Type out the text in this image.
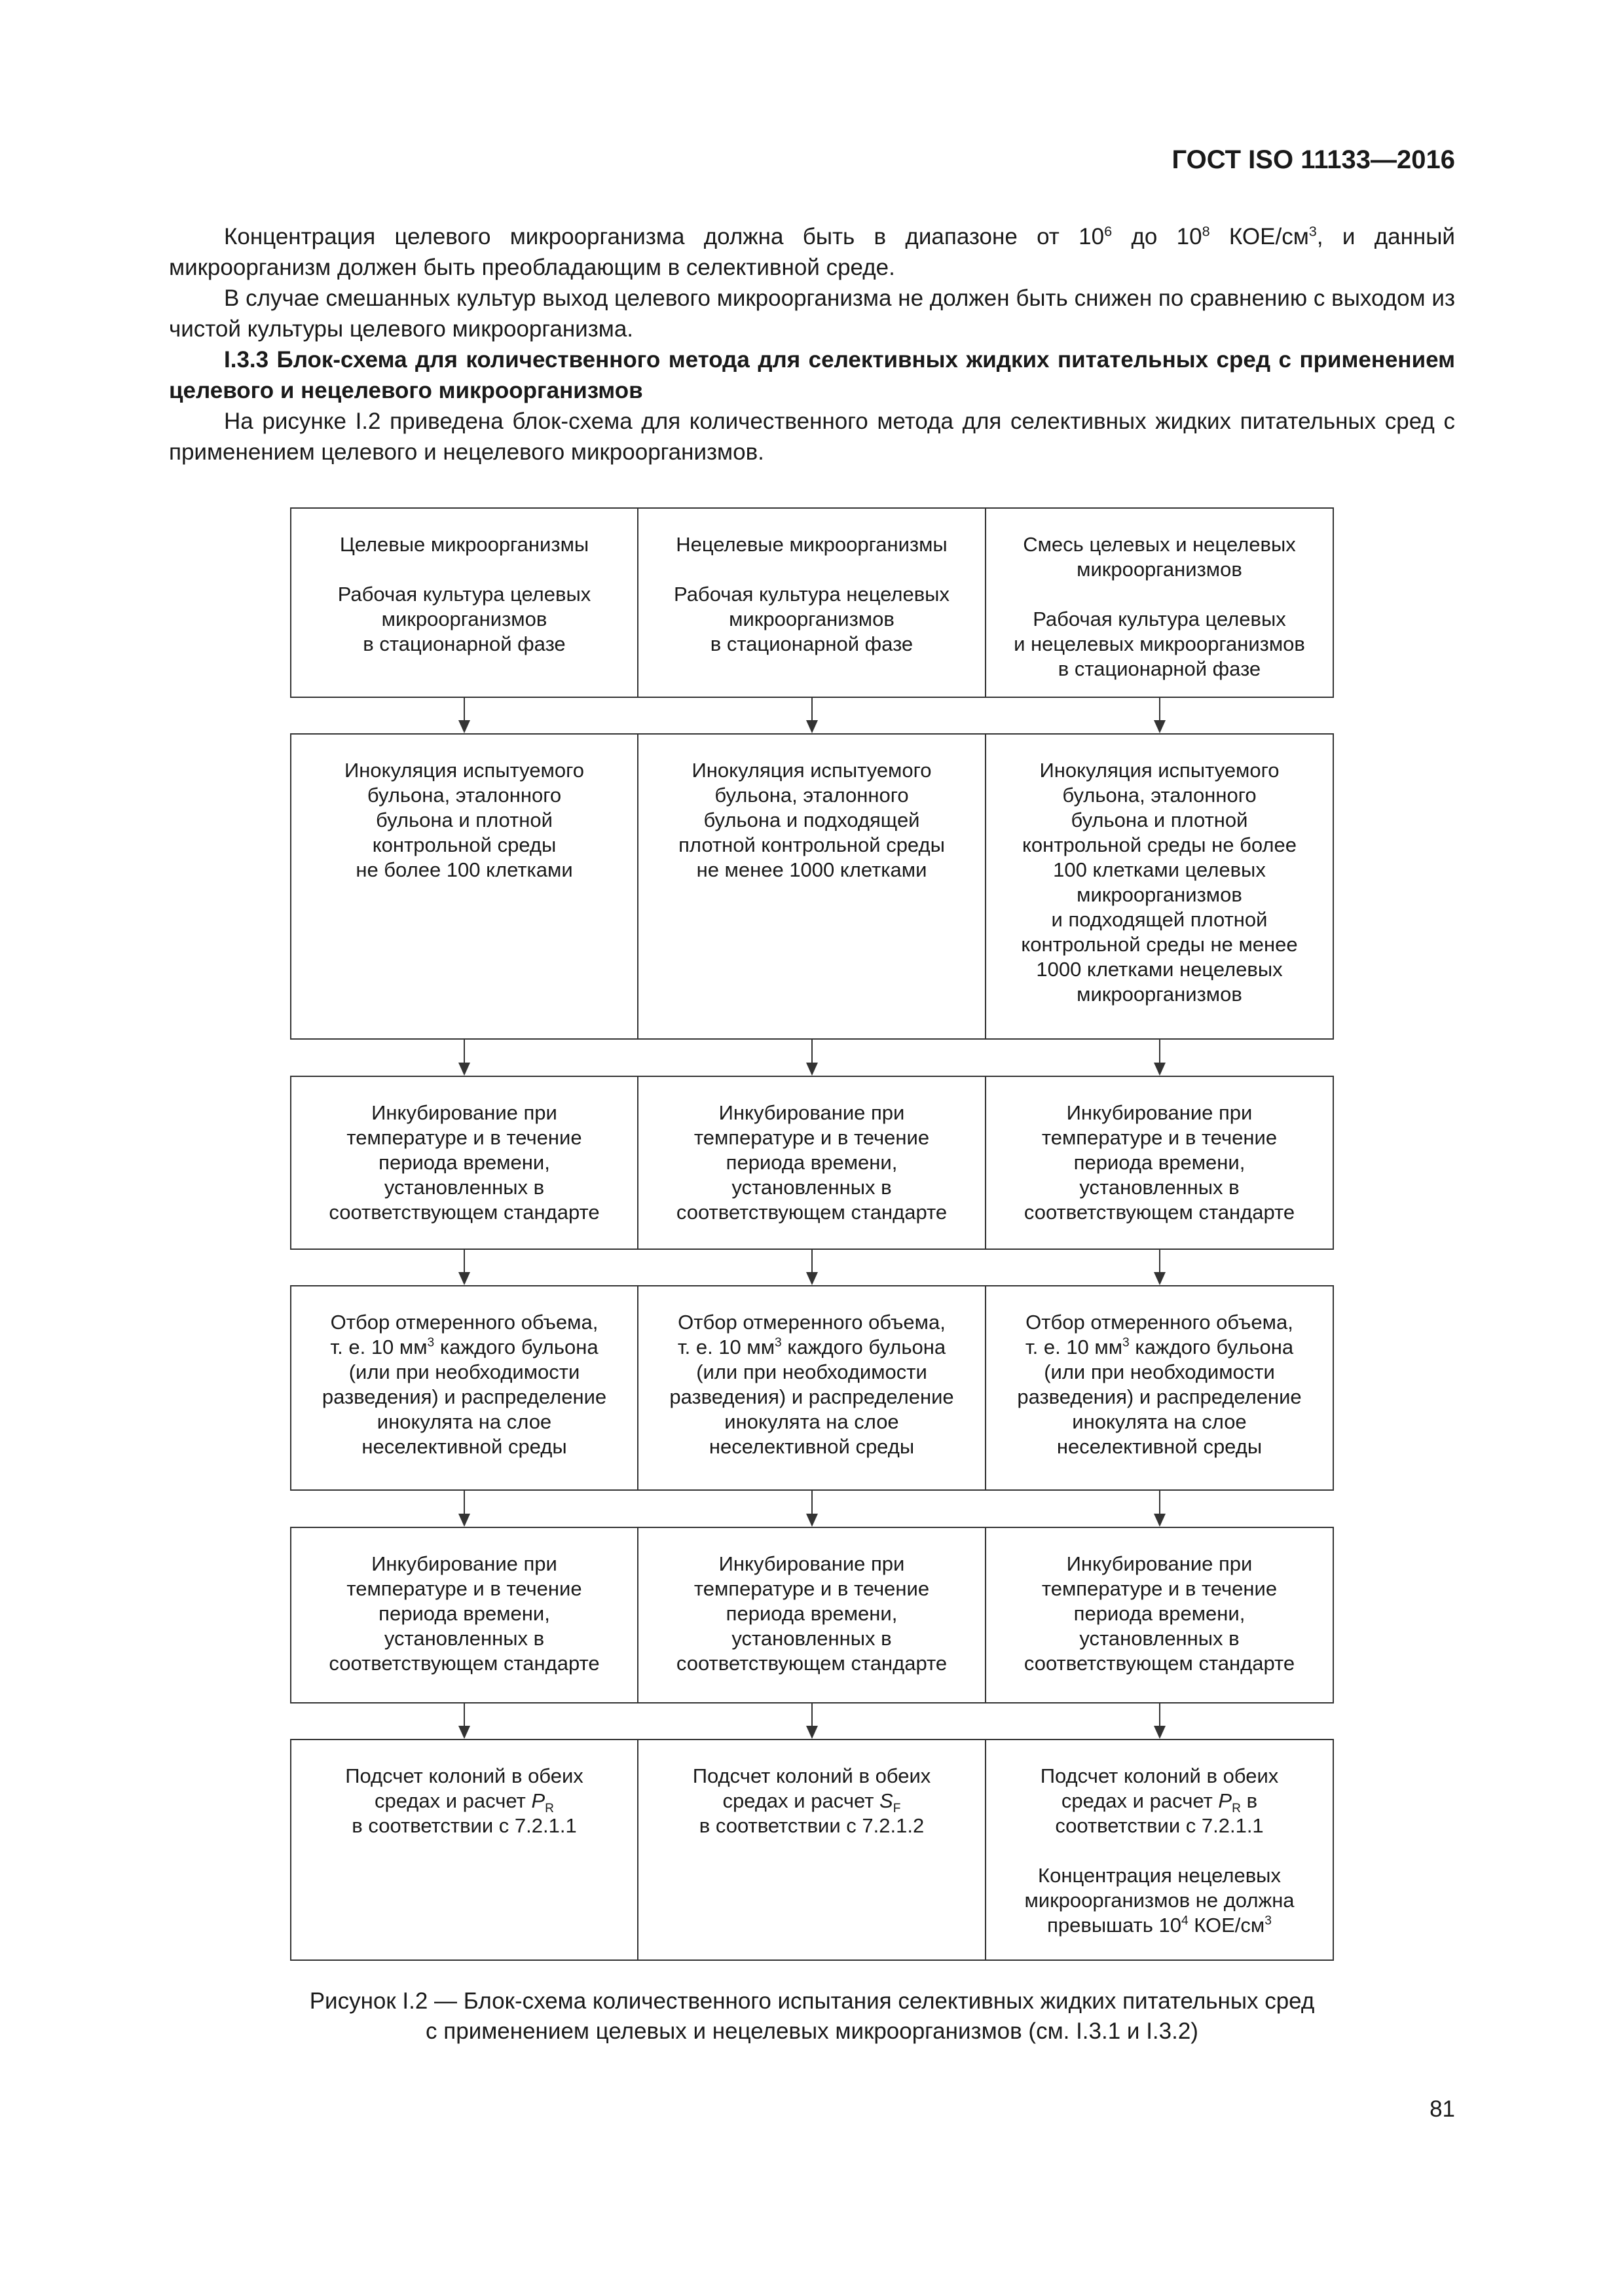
ГОСТ ISO 11133—2016

Концентрация целевого микроорганизма должна быть в диапазоне от $10^6$ до $10^8$ КОЕ/$см^3$, и данный микроорганизм должен быть преобладающим в селективной среде.

В случае смешанных культур выход целевого микроорганизма не должен быть снижен по сравнению с выходом из чистой культуры целевого микроорганизма.

I.3.3 Блок-схема для количественного метода для селективных жидких питательных сред с применением целевого и нецелевого микроорганизмов

На рисунке I.2 приведена блок-схема для количественного метода для селективных жидких питательных сред с применением целевого и нецелевого микроорганизмов.

Целевые микроорганизмы
Рабочая культура целевых
микроорганизмов
в стационарной фазе
Нецелевые микроорганизмы
Рабочая культура нецелевых
микроорганизмов
в стационарной фазе
Смесь целевых и нецелевых
микроорганизмов
Рабочая культура целевых
и нецелевых микроорганизмов
в стационарной фазе
Инокуляция испытуемого
бульона, эталонного
бульона и плотной
контрольной среды
не более 100 клетками
Инокуляция испытуемого
бульона, эталонного
бульона и подходящей
плотной контрольной среды
не менее 1000 клетками
Инокуляция испытуемого
бульона, эталонного
бульона и плотной
контрольной среды не более
100 клетками целевых
микроорганизмов
и подходящей плотной
контрольной среды не менее
1000 клетками нецелевых
микроорганизмов
Инкубирование при
температуре и в течение
периода времени,
установленных в
соответствующем стандарте
Инкубирование при
температуре и в течение
периода времени,
установленных в
соответствующем стандарте
Инкубирование при
температуре и в течение
периода времени,
установленных в
соответствующем стандарте
Отбор отмеренного объема,
т. е. 10 $мм^3$ каждого бульона
(или при необходимости
разведения) и распределение
инокулята на слое
неселективной среды
Отбор отмеренного объема,
т. е. 10 $мм^3$ каждого бульона
(или при необходимости
разведения) и распределение
инокулята на слое
неселективной среды
Отбор отмеренного объема,
т. е. 10 $мм^3$ каждого бульона
(или при необходимости
разведения) и распределение
инокулята на слое
неселективной среды
Инкубирование при
температуре и в течение
периода времени,
установленных в
соответствующем стандарте
Инкубирование при
температуре и в течение
периода времени,
установленных в
соответствующем стандарте
Инкубирование при
температуре и в течение
периода времени,
установленных в
соответствующем стандарте
Подсчет колоний в обеих
средах и расчет $P_R$
в соответствии с 7.2.1.1
Подсчет колоний в обеих
средах и расчет $S_F$
в соответствии с 7.2.1.2
Подсчет колоний в обеих
средах и расчет $P_R$ в
соответствии с 7.2.1.1
Концентрация нецелевых
микроорганизмов не должна
превышать $10^4$ КОЕ/$см^3$
Рисунок I.2 — Блок-схема количественного испытания селективных жидких питательных сред
с применением целевых и нецелевых микроорганизмов (см. I.3.1 и I.3.2)
81
